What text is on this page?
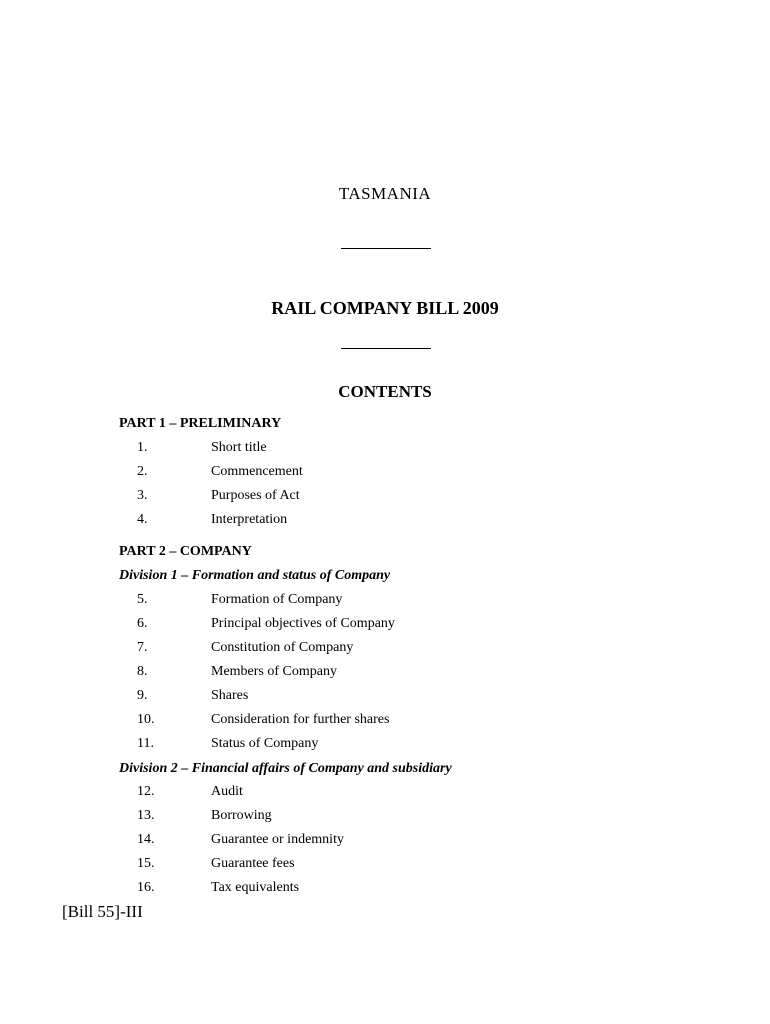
TASMANIA
RAIL COMPANY BILL 2009
CONTENTS
PART 1 – PRELIMINARY
1.	Short title
2.	Commencement
3.	Purposes of Act
4.	Interpretation
PART 2 – COMPANY
Division 1 – Formation and status of Company
5.	Formation of Company
6.	Principal objectives of Company
7.	Constitution of Company
8.	Members of Company
9.	Shares
10.	Consideration for further shares
11.	Status of Company
Division 2 – Financial affairs of Company and subsidiary
12.	Audit
13.	Borrowing
14.	Guarantee or indemnity
15.	Guarantee fees
16.	Tax equivalents
[Bill 55]-III
